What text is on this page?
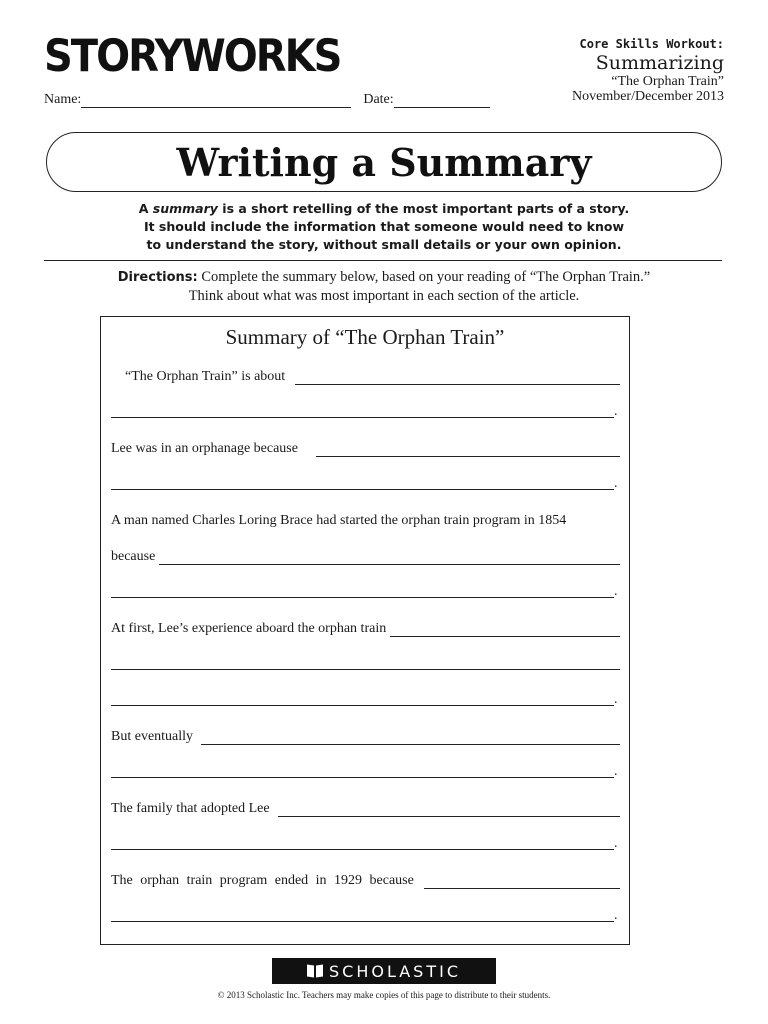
STORYWORKS	Core Skills Workout:
Summarizing
“The Orphan Train”
November/December 2013
Name:	Date:
Writing a Summary
A summary is a short retelling of the most important parts of a story.
It should include the information that someone would need to know
to understand the story, without small details or your own opinion.
Directions: Complete the summary below, based on your reading of “The Orphan Train.”
Think about what was most important in each section of the article.
Summary of “The Orphan Train”
“The Orphan Train” is about
.
Lee was in an orphanage because
.
A man named Charles Loring Brace had started the orphan train program in 1854
because
.
At first, Lee’s experience aboard the orphan train
.
But eventually
.
The family that adopted Lee
.
The orphan train program ended in 1929 because
.
SCHOLASTIC
© 2013 Scholastic Inc. Teachers may make copies of this page to distribute to their students.
